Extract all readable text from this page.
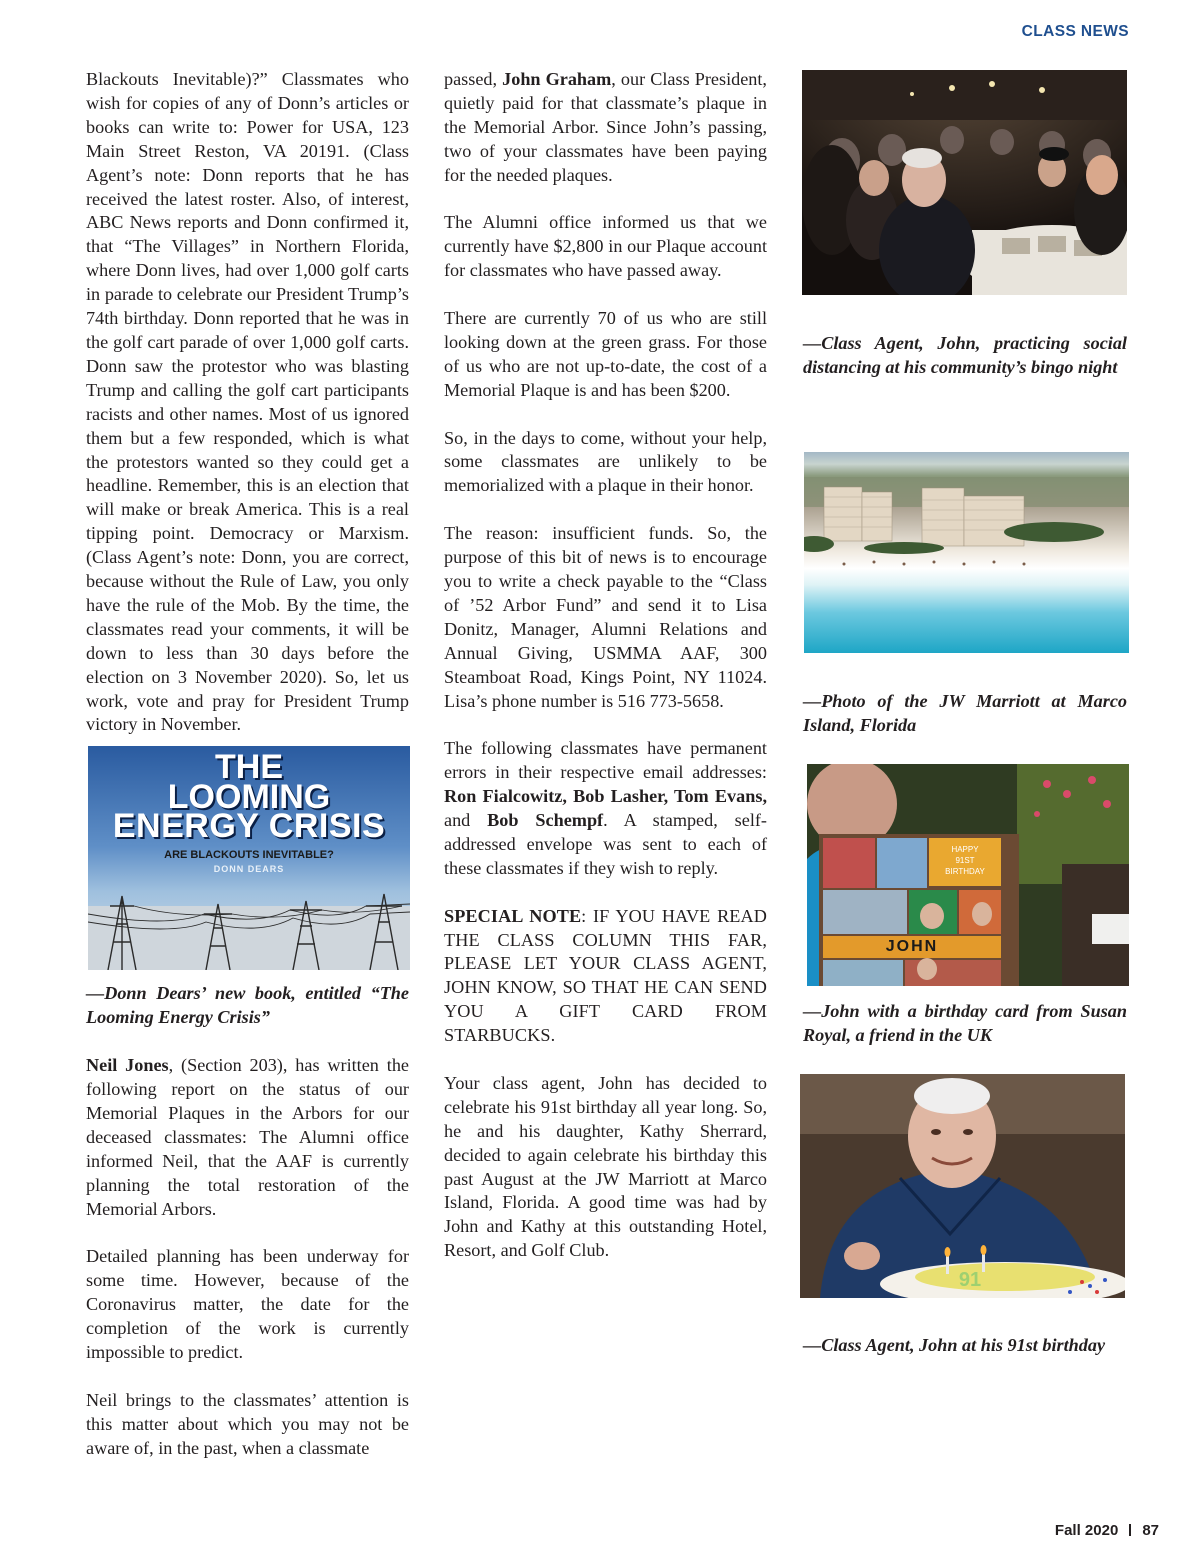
CLASS NEWS

Blackouts Inevitable)?” Classmates who wish for copies of any of Donn’s articles or books can write to: Power for USA, 123 Main Street Reston, VA 20191. (Class Agent’s note: Donn reports that he has received the latest roster. Also, of interest, ABC News reports and Donn confirmed it, that “The Villages” in Northern Florida, where Donn lives, had over 1,000 golf carts in parade to celebrate our President Trump’s 74th birthday. Donn reported that he was in the golf cart parade of over 1,000 golf carts. Donn saw the protestor who was blasting Trump and calling the golf cart participants racists and other names. Most of us ignored them but a few responded, which is what the protestors wanted so they could get a headline. Remember, this is an election that will make or break America. This is a real tipping point. Democracy or Marxism. (Class Agent’s note: Donn, you are correct, because without the Rule of Law, you only have the rule of the Mob. By the time, the classmates read your comments, it will be down to less than 30 days before the election on 3 November 2020). So, let us work, vote and pray for President Trump victory in November.

THE
LOOMING
ENERGY CRISIS
ARE BLACKOUTS INEVITABLE?
DONN DEARS

—Donn Dears’ new book, entitled “The Looming Energy Crisis”

Neil Jones, (Section 203), has written the following report on the status of our Memorial Plaques in the Arbors for our deceased classmates: The Alumni office informed Neil, that the AAF is currently planning the total restoration of the Memorial Arbors.

Detailed planning has been underway for some time. However, because of the Coronavirus matter, the date for the completion of the work is currently impossible to predict.

Neil brings to the classmates’ attention is this matter about which you may not be aware of, in the past, when a classmate

passed, John Graham, our Class President, quietly paid for that classmate’s plaque in the Memorial Arbor. Since John’s passing, two of your classmates have been paying for the needed plaques.

The Alumni office informed us that we currently have $2,800 in our Plaque account for classmates who have passed away.

There are currently 70 of us who are still looking down at the green grass. For those of us who are not up-to-date, the cost of a Memorial Plaque is and has been $200.

So, in the days to come, without your help, some classmates are unlikely to be memorialized with a plaque in their honor.

The reason: insufficient funds. So, the purpose of this bit of news is to encourage you to write a check payable to the “Class of ’52 Arbor Fund” and send it to Lisa Donitz, Manager, Alumni Relations and Annual Giving, USMMA AAF, 300 Steamboat Road, Kings Point, NY 11024. Lisa’s phone number is 516 773-5658.

The following classmates have permanent errors in their respective email addresses: Ron Fialcowitz, Bob Lasher, Tom Evans, and Bob Schempf. A stamped, self-addressed envelope was sent to each of these classmates if they wish to reply.

SPECIAL NOTE: IF YOU HAVE READ THE CLASS COLUMN THIS FAR, PLEASE LET YOUR CLASS AGENT, JOHN KNOW, SO THAT HE CAN SEND YOU A GIFT CARD FROM STARBUCKS.

Your class agent, John has decided to celebrate his 91st birthday all year long. So, he and his daughter, Kathy Sherrard, decided to again celebrate his birthday this past August at the JW Marriott at Marco Island, Florida. A good time was had by John and Kathy at this outstanding Hotel, Resort, and Golf Club.

—Class Agent, John, practicing social distancing at his community’s bingo night
—Photo of the JW Marriott at Marco Island, Florida
HAPPY
91ST
BIRTHDAY
JOHN
—John with a birthday card from Susan Royal, a friend in the UK
91
—Class Agent, John at his 91st birthday
Fall 2020 87
